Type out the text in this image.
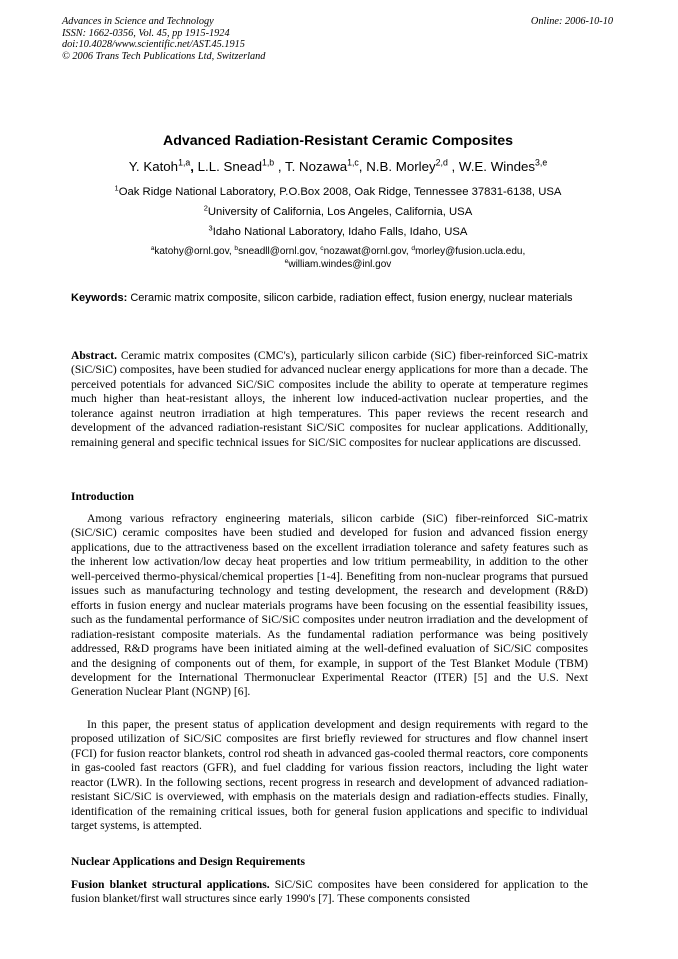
Advances in Science and Technology
ISSN: 1662-0356, Vol. 45, pp 1915-1924
doi:10.4028/www.scientific.net/AST.45.1915
© 2006 Trans Tech Publications Ltd, Switzerland
Online: 2006-10-10
Advanced Radiation-Resistant Ceramic Composites
Y. Katoh$^{1,a}$, L.L. Snead$^{1,b}$ , T. Nozawa$^{1,c}$, N.B. Morley$^{2,d}$ , W.E. Windes$^{3,e}$
$^1$Oak Ridge National Laboratory, P.O.Box 2008, Oak Ridge, Tennessee 37831-6138, USA
$^2$University of California, Los Angeles, California, USA
$^3$Idaho National Laboratory, Idaho Falls, Idaho, USA
$^a$katohy@ornl.gov, $^b$sneadll@ornl.gov, $^c$nozawat@ornl.gov, $^d$morley@fusion.ucla.edu,
$^e$william.windes@inl.gov
Keywords: Ceramic matrix composite, silicon carbide, radiation effect, fusion energy, nuclear materials
Abstract. Ceramic matrix composites (CMC's), particularly silicon carbide (SiC) fiber-reinforced SiC-matrix (SiC/SiC) composites, have been studied for advanced nuclear energy applications for more than a decade. The perceived potentials for advanced SiC/SiC composites include the ability to operate at temperature regimes much higher than heat-resistant alloys, the inherent low induced-activation nuclear properties, and the tolerance against neutron irradiation at high temperatures. This paper reviews the recent research and development of the advanced radiation-resistant SiC/SiC composites for nuclear applications. Additionally, remaining general and specific technical issues for SiC/SiC composites for nuclear applications are discussed.
Introduction
Among various refractory engineering materials, silicon carbide (SiC) fiber-reinforced SiC-matrix (SiC/SiC) ceramic composites have been studied and developed for fusion and advanced fission energy applications, due to the attractiveness based on the excellent irradiation tolerance and safety features such as the inherent low activation/low decay heat properties and low tritium permeability, in addition to the other well-perceived thermo-physical/chemical properties [1-4]. Benefiting from non-nuclear programs that pursued issues such as manufacturing technology and testing development, the research and development (R&D) efforts in fusion energy and nuclear materials programs have been focusing on the essential feasibility issues, such as the fundamental performance of SiC/SiC composites under neutron irradiation and the development of radiation-resistant composite materials. As the fundamental radiation performance was being positively addressed, R&D programs have been initiated aiming at the well-defined evaluation of SiC/SiC composites and the designing of components out of them, for example, in support of the Test Blanket Module (TBM) development for the International Thermonuclear Experimental Reactor (ITER) [5] and the U.S. Next Generation Nuclear Plant (NGNP) [6].
In this paper, the present status of application development and design requirements with regard to the proposed utilization of SiC/SiC composites are first briefly reviewed for structures and flow channel insert (FCI) for fusion reactor blankets, control rod sheath in advanced gas-cooled thermal reactors, core components in gas-cooled fast reactors (GFR), and fuel cladding for various fission reactors, including the light water reactor (LWR). In the following sections, recent progress in research and development of advanced radiation-resistant SiC/SiC is overviewed, with emphasis on the materials design and radiation-effects studies. Finally, identification of the remaining critical issues, both for general fusion applications and specific to individual target systems, is attempted.
Nuclear Applications and Design Requirements
Fusion blanket structural applications. SiC/SiC composites have been considered for application to the fusion blanket/first wall structures since early 1990's [7]. These components consisted
